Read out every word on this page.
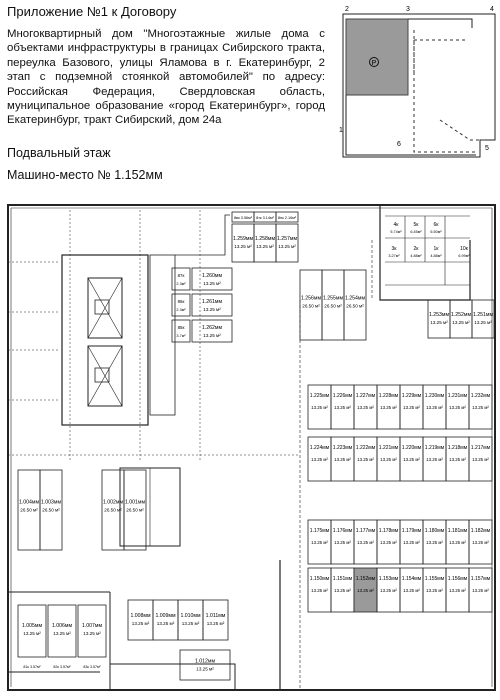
Приложение №1 к Договору
Многоквартирный дом "Многоэтажные жилые дома с объектами инфраструктуры в границах Сибирского тракта, переулка Базового, улицы Яламова в г. Екатеринбург, 2 этап с подземной стоянкой автомобилей" по адресу: Российская Федерация, Свердловская область, муниципальное образование «город Екатеринбург», город Екатеринбург, тракт Сибирский, дом 24а
Подвальный этаж
Машино-место № 1.152мм
P
2	3	4
1
6
5
8вк 3.56м² 8тк 3.14м² 8пк 2.16м²
1.259мм
13.25 м²
1.258мм
13.25 м²
1.257мм
13.25 м²
87к
2.3м²
1.260мм
13.25 м²
86к
2.3м²
1.261мм
13.25 м²
85к
3.7м²
1.262мм
13.25 м²
1.256мм
26.50 м²
1.255мм
26.50 м²
1.254мм
26.50 м²
4к
5.74м²
5к
6.45м²
6к
6.50м²
3к
3.27м²
2к
4.88м²
1к
4.88м²
10к
6.99м²
1.253мм
13.25 м²
1.252мм
13.25 м²
1.251мм
13.25 м²
1.225мм
13.25 м²
1.226мм
13.25 м²
1.227мм
13.25 м²
1.228мм
13.25 м²
1.229мм
13.25 м²
1.230мм
13.25 м²
1.231мм
13.25 м²
1.232мм
13.25 м²
1.224мм
13.25 м²
1.223мм
13.25 м²
1.222мм
13.25 м²
1.221мм
13.25 м²
1.220мм
13.25 м²
1.219мм
13.25 м²
1.218мм
13.25 м²
1.217мм
13.25 м²
1.175мм
13.25 м²
1.176мм
13.25 м²
1.177мм
13.25 м²
1.178мм
13.25 м²
1.179мм
13.25 м²
1.180мм
13.25 м²
1.181мм
13.25 м²
1.182мм
13.25 м²
1.150мм
13.25 м²
1.151мм
13.25 м²
1.152мм
13.25 м²
1.153мм
13.25 м²
1.154мм
13.25 м²
1.155мм
13.25 м²
1.156мм
13.25 м²
1.157мм
13.25 м²
1.004мм
26.50 м²
1.003мм
26.50 м²
1.002мм
26.50 м²
1.001мм
26.50 м²
1.005мм
13.25 м²
81к 3.57м²
1.006мм
13.25 м²
82к 3.57м²
1.007мм
13.25 м²
83к 3.57м²
1.008мм
13.25 м²
1.009мм
13.25 м²
1.010мм
13.25 м²
1.011мм
13.25 м²
1.012мм
13.25 м²
